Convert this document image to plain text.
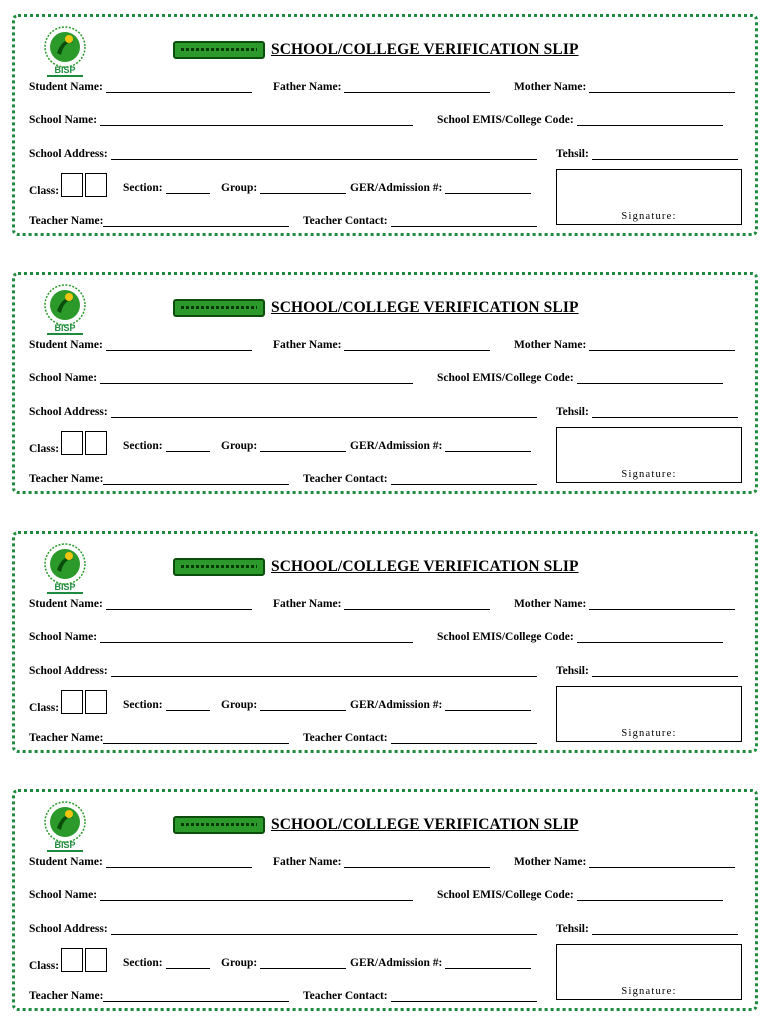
BISP
SCHOOL/COLLEGE VERIFICATION SLIP
Student Name:	Father Name:	Mother Name:
School Name:	School EMIS/College Code:
School Address:	Tehsil:
Class:	Section:	Group:	GER/Admission #:
Teacher Name:	Teacher Contact:	Signature:
BISP
SCHOOL/COLLEGE VERIFICATION SLIP
Student Name:	Father Name:	Mother Name:
School Name:	School EMIS/College Code:
School Address:	Tehsil:
Class:	Section:	Group:	GER/Admission #:
Teacher Name:	Teacher Contact:	Signature:
BISP
SCHOOL/COLLEGE VERIFICATION SLIP
Student Name:	Father Name:	Mother Name:
School Name:	School EMIS/College Code:
School Address:	Tehsil:
Class:	Section:	Group:	GER/Admission #:
Teacher Name:	Teacher Contact:	Signature:
BISP
SCHOOL/COLLEGE VERIFICATION SLIP
Student Name:	Father Name:	Mother Name:
School Name:	School EMIS/College Code:
School Address:	Tehsil:
Class:	Section:	Group:	GER/Admission #:
Teacher Name:	Teacher Contact:	Signature:
